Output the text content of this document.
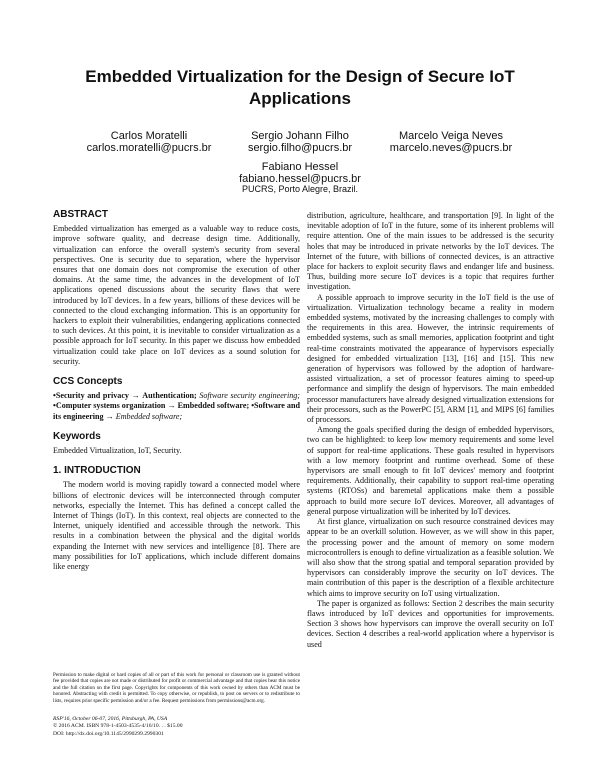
Embedded Virtualization for the Design of Secure IoT
Applications
Carlos Moratelli
carlos.moratelli@pucrs.br
Sergio Johann Filho
sergio.filho@pucrs.br
Marcelo Veiga Neves
marcelo.neves@pucrs.br
Fabiano Hessel
fabiano.hessel@pucrs.br
PUCRS, Porto Alegre, Brazil.
ABSTRACT

Embedded virtualization has emerged as a valuable way to reduce costs, improve software quality, and decrease design time. Additionally, virtualization can enforce the overall system's security from several perspectives. One is security due to separation, where the hypervisor ensures that one domain does not compromise the execution of other domains. At the same time, the advances in the development of IoT applications opened discussions about the security flaws that were introduced by IoT devices. In a few years, billions of these devices will be connected to the cloud exchanging information. This is an opportunity for hackers to exploit their vulnerabilities, endangering applications connected to such devices. At this point, it is inevitable to consider virtualization as a possible approach for IoT security. In this paper we discuss how embedded virtualization could take place on IoT devices as a sound solution for security.

CCS Concepts

•Security and privacy → Authentication; Software security engineering; •Computer systems organization → Embedded software; •Software and its engineering → Embedded software;

Keywords

Embedded Virtualization, IoT, Security.

1. INTRODUCTION

The modern world is moving rapidly toward a connected model where billions of electronic devices will be interconnected through computer networks, especially the Internet. This has defined a concept called the Internet of Things (IoT). In this context, real objects are connected to the Internet, uniquely identified and accessible through the network. This results in a combination between the physical and the digital worlds expanding the Internet with new services and intelligence [8]. There are many possibilities for IoT applications, which include different domains like energy

Permission to make digital or hard copies of all or part of this work for personal or classroom use is granted without fee provided that copies are not made or distributed for profit or commercial advantage and that copies bear this notice and the full citation on the first page. Copyrights for components of this work owned by others than ACM must be honored. Abstracting with credit is permitted. To copy otherwise, or republish, to post on servers or to redistribute to lists, requires prior specific permission and/or a fee. Request permissions from permissions@acm.org.
RSP'16, October 06-07, 2016, Pittsburgh, PA, USA
© 2016 ACM. ISBN 978-1-4503-4535-4/16/10. . . $15.00
DOI: http://dx.doi.org/10.1145/2990299.2990301

distribution, agriculture, healthcare, and transportation [9]. In light of the inevitable adoption of IoT in the future, some of its inherent problems will require attention. One of the main issues to be addressed is the security holes that may be introduced in private networks by the IoT devices. The Internet of the future, with billions of connected devices, is an attractive place for hackers to exploit security flaws and endanger life and business. Thus, building more secure IoT devices is a topic that requires further investigation.

A possible approach to improve security in the IoT field is the use of virtualization. Virtualization technology became a reality in modern embedded systems, motivated by the increasing challenges to comply with the requirements in this area. However, the intrinsic requirements of embedded systems, such as small memories, application footprint and tight real-time constraints motivated the appearance of hypervisors especially designed for embedded virtualization [13], [16] and [15]. This new generation of hypervisors was followed by the adoption of hardware-assisted virtualization, a set of processor features aiming to speed-up performance and simplify the design of hypervisors. The main embedded processor manufacturers have already designed virtualization extensions for their processors, such as the PowerPC [5], ARM [1], and MIPS [6] families of processors.

Among the goals specified during the design of embedded hypervisors, two can be highlighted: to keep low memory requirements and some level of support for real-time applications. These goals resulted in hypervisors with a low memory footprint and runtime overhead. Some of these hypervisors are small enough to fit IoT devices' memory and footprint requirements. Additionally, their capability to support real-time operating systems (RTOSs) and baremetal applications make them a possible approach to build more secure IoT devices. Moreover, all advantages of general purpose virtualization will be inherited by IoT devices.

At first glance, virtualization on such resource constrained devices may appear to be an overkill solution. However, as we will show in this paper, the processing power and the amount of memory on some modern microcontrollers is enough to define virtualization as a feasible solution. We will also show that the strong spatial and temporal separation provided by hypervisors can considerably improve the security on IoT devices. The main contribution of this paper is the description of a flexible architecture which aims to improve security on IoT using virtualization.

The paper is organized as follows: Section 2 describes the main security flaws introduced by IoT devices and opportunities for improvements. Section 3 shows how hypervisors can improve the overall security on IoT devices. Section 4 describes a real-world application where a hypervisor is used
